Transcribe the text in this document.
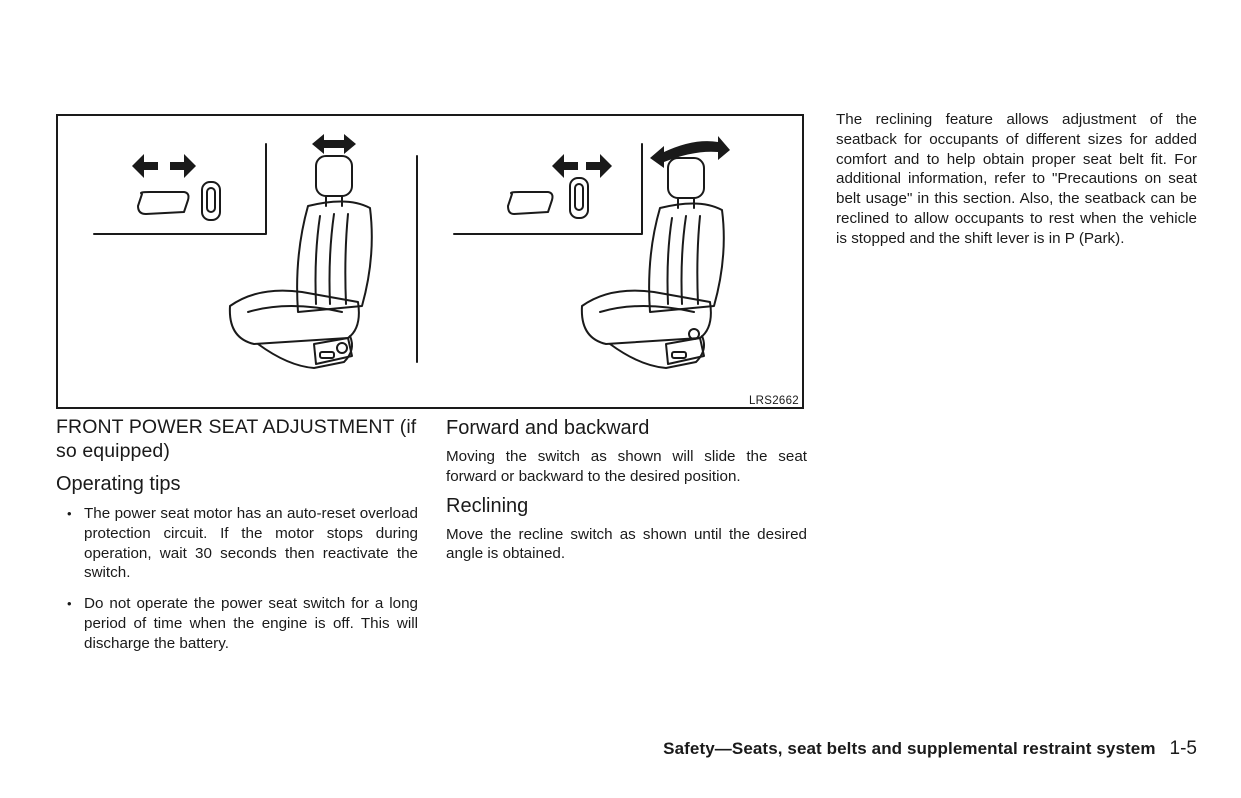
LRS2662
FRONT POWER SEAT ADJUSTMENT (if so equipped)
Operating tips
• The power seat motor has an auto-reset overload protection circuit. If the motor stops during operation, wait 30 seconds then reactivate the switch.
• Do not operate the power seat switch for a long period of time when the engine is off. This will discharge the battery.
Forward and backward

Moving the switch as shown will slide the seat forward or backward to the desired position.

Reclining

Move the recline switch as shown until the desired angle is obtained.

The reclining feature allows adjustment of the seatback for occupants of different sizes for added comfort and to help obtain proper seat belt fit. For additional information, refer to "Precautions on seat belt usage" in this section. Also, the seatback can be reclined to allow occupants to rest when the vehicle is stopped and the shift lever is in P (Park).

Safety—Seats, seat belts and supplemental restraint system 1-5
